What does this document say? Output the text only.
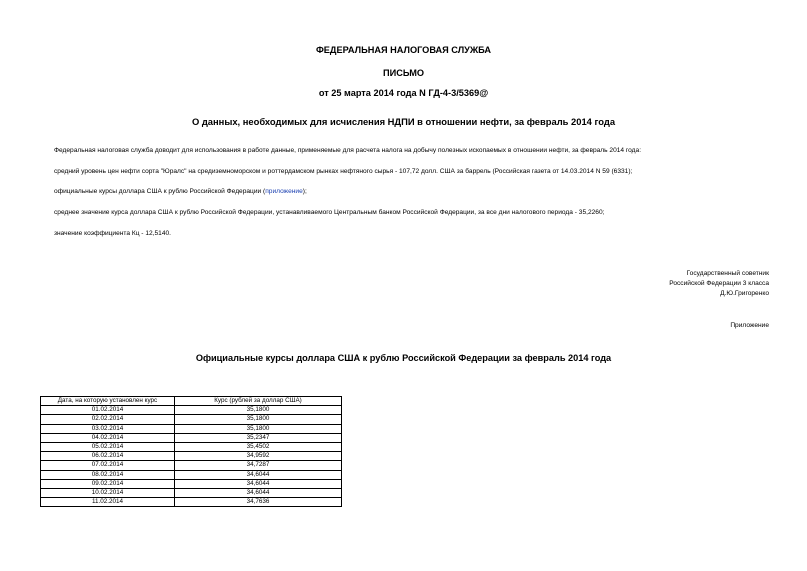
ФЕДЕРАЛЬНАЯ НАЛОГОВАЯ СЛУЖБА
ПИСЬМО
от 25 марта 2014 года N ГД-4-3/5369@
О данных, необходимых для исчисления НДПИ в отношении нефти, за февраль 2014 года
Федеральная налоговая служба доводит для использования в работе данные, применяемые для расчета налога на добычу полезных ископаемых в отношении нефти, за февраль 2014 года:
средний уровень цен нефти сорта "Юралс" на средиземноморском и роттердамском рынках нефтяного сырья - 107,72 долл. США за баррель (Российская газета от 14.03.2014 N 59 (6331);
официальные курсы доллара США к рублю Российской Федерации (приложение);
среднее значение курса доллара США к рублю Российской Федерации, устанавливаемого Центральным банком Российской Федерации, за все дни налогового периода - 35,2260;
значение коэффициента Кц - 12,5140.
Государственный советник
Российской Федерации 3 класса
Д.Ю.Григоренко
Приложение
Официальные курсы доллара США к рублю Российской Федерации за февраль 2014 года
Дата, на которую установлен курс	Курс (рублей за доллар США)
01.02.2014	35,1800
02.02.2014	35,1800
03.02.2014	35,1800
04.02.2014	35,2347
05.02.2014	35,4502
06.02.2014	34,9592
07.02.2014	34,7287
08.02.2014	34,6044
09.02.2014	34,6044
10.02.2014	34,6044
11.02.2014	34,7636
